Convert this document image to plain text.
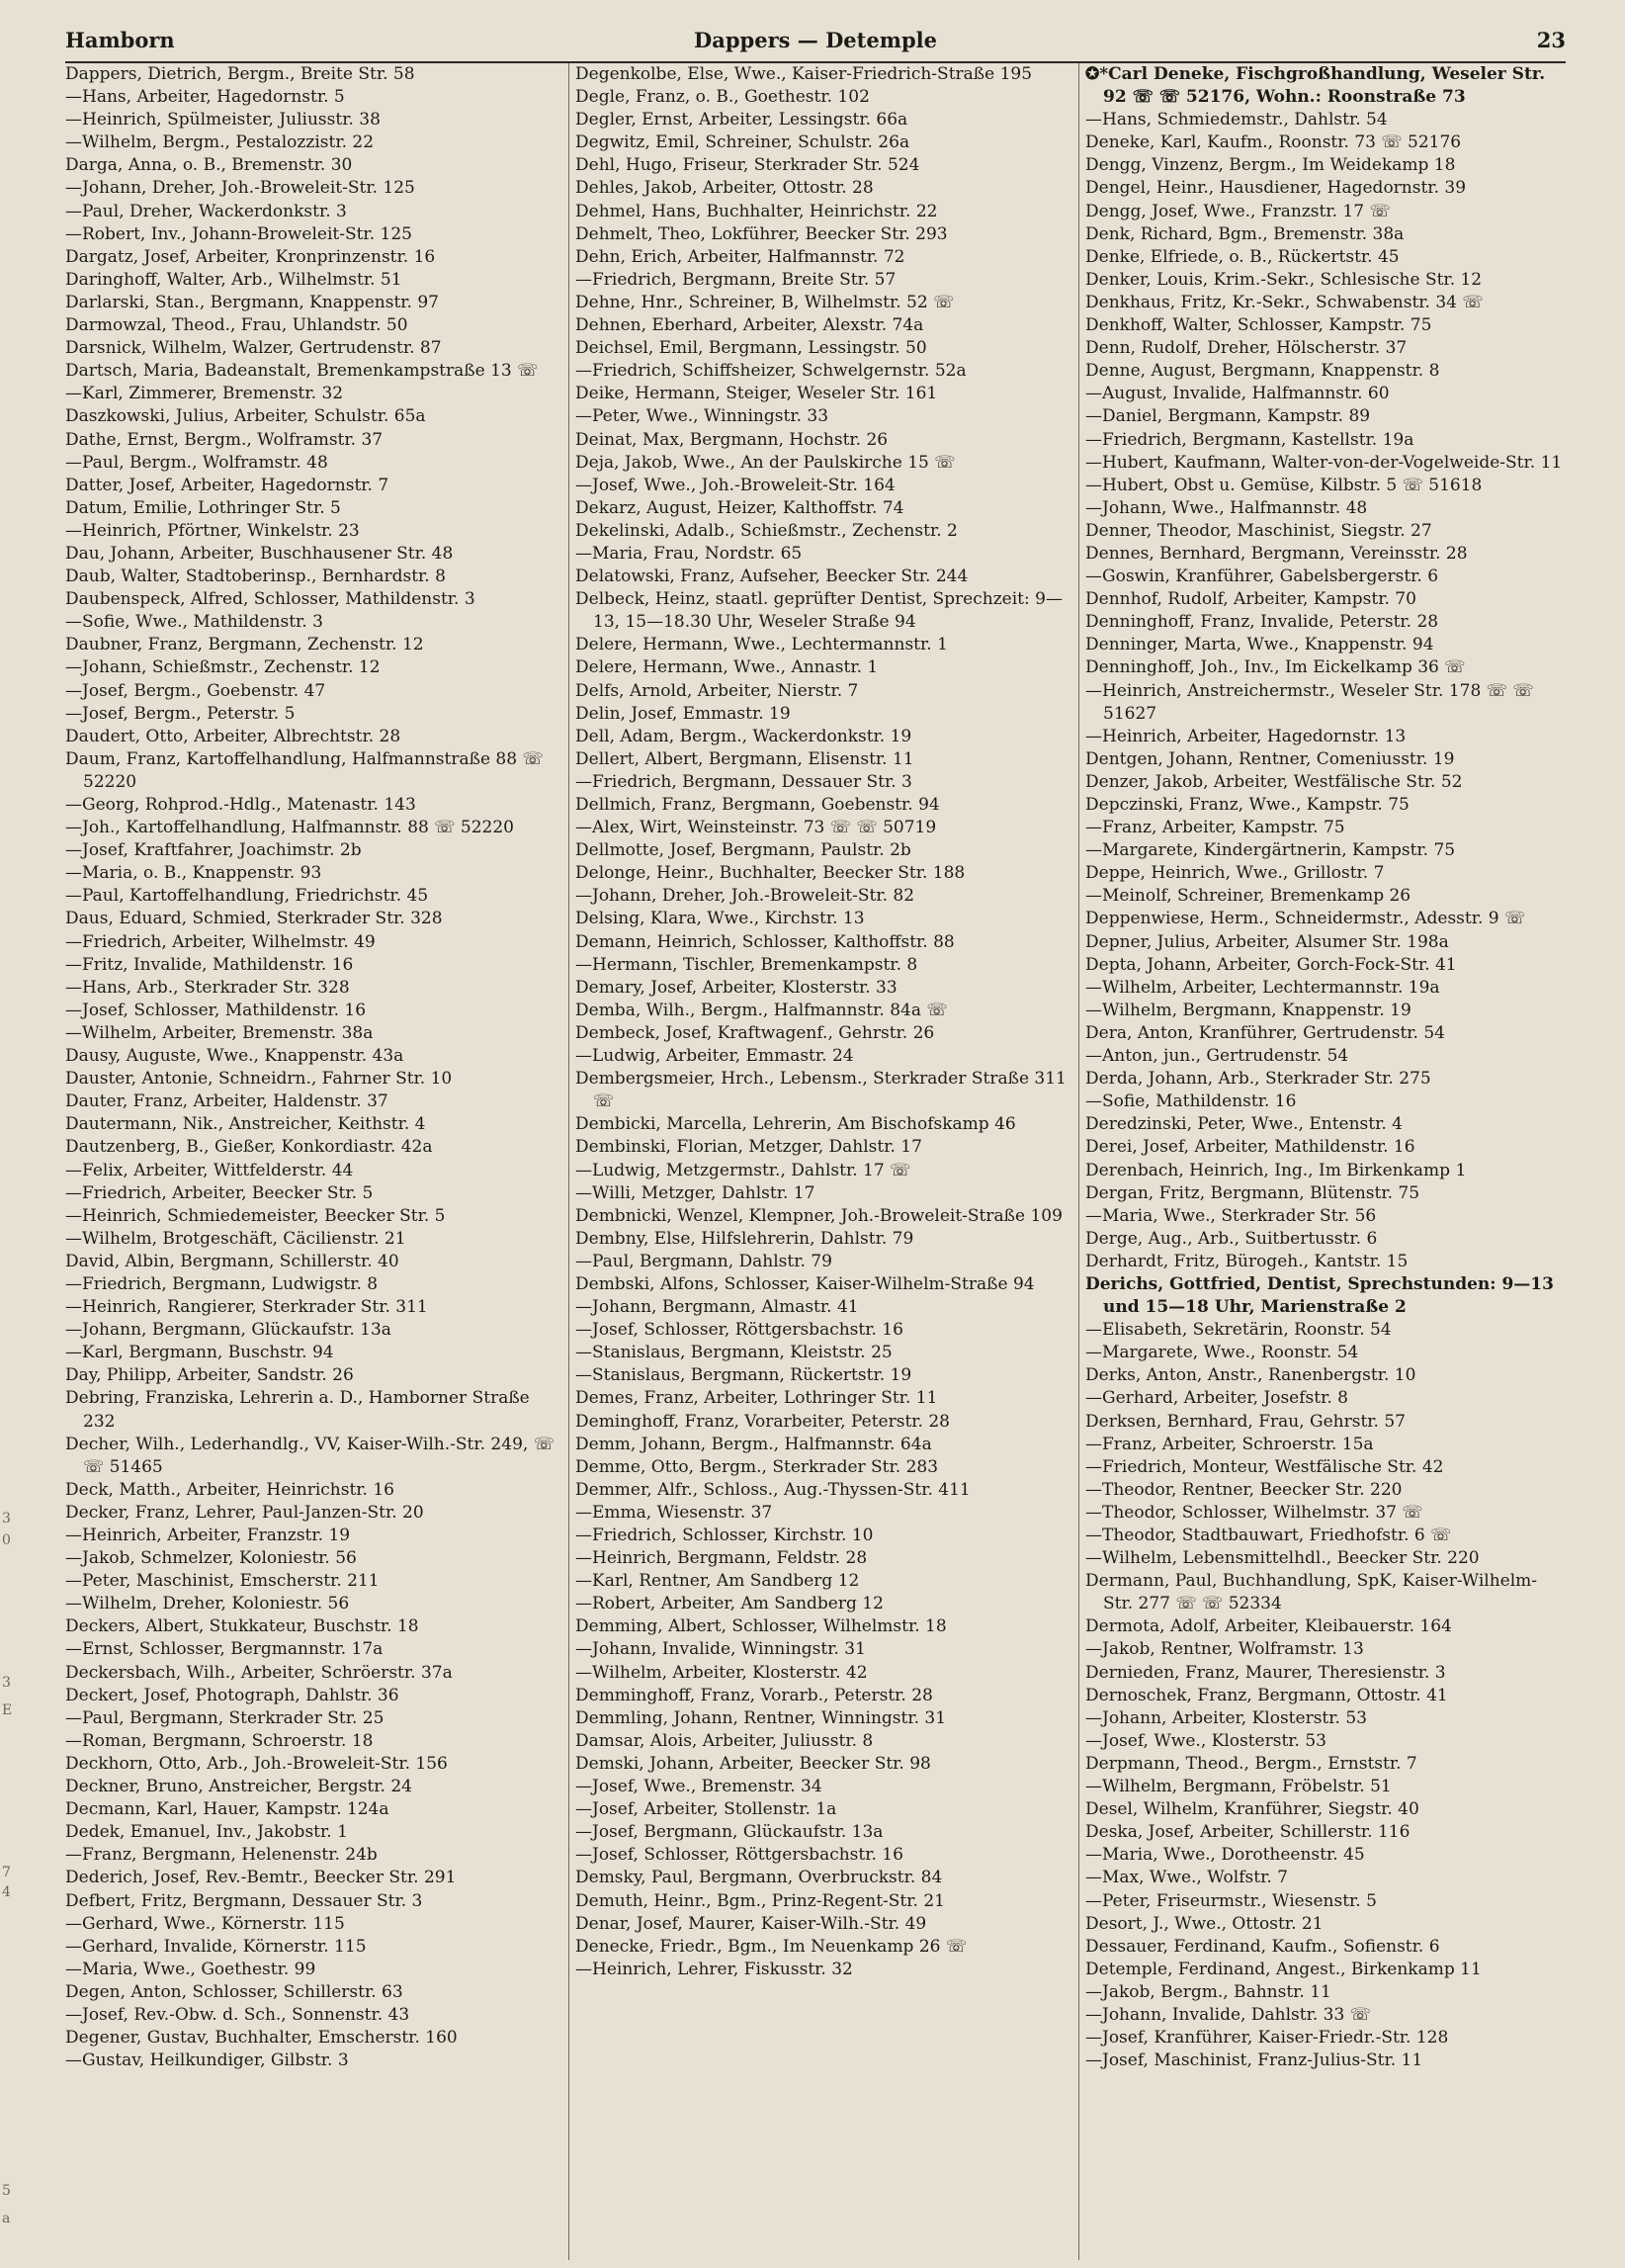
Hamborn	Dappers — Detemple	23
Dappers, Dietrich, Bergm., Breite Str. 58
—Hans, Arbeiter, Hagedornstr. 5
—Heinrich, Spülmeister, Juliusstr. 38
—Wilhelm, Bergm., Pestalozzistr. 22
Darga, Anna, o. B., Bremenstr. 30
—Johann, Dreher, Joh.-Broweleit-Str. 125
—Paul, Dreher, Wackerdonkstr. 3
—Robert, Inv., Johann-Broweleit-Str. 125
Dargatz, Josef, Arbeiter, Kronprinzenstr. 16
Daringhoff, Walter, Arb., Wilhelmstr. 51
Darlarski, Stan., Bergmann, Knappenstr. 97
Darmowzal, Theod., Frau, Uhlandstr. 50
Darsnick, Wilhelm, Walzer, Gertrudenstr. 87
Dartsch, Maria, Badeanstalt, Bremenkampstraße 13 ☏
—Karl, Zimmerer, Bremenstr. 32
Daszkowski, Julius, Arbeiter, Schulstr. 65a
Dathe, Ernst, Bergm., Wolframstr. 37
—Paul, Bergm., Wolframstr. 48
Datter, Josef, Arbeiter, Hagedornstr. 7
Datum, Emilie, Lothringer Str. 5
—Heinrich, Pförtner, Winkelstr. 23
Dau, Johann, Arbeiter, Buschhausener Str. 48
Daub, Walter, Stadtoberinsp., Bernhardstr. 8
Daubenspeck, Alfred, Schlosser, Mathildenstr. 3
—Sofie, Wwe., Mathildenstr. 3
Daubner, Franz, Bergmann, Zechenstr. 12
—Johann, Schießmstr., Zechenstr. 12
—Josef, Bergm., Goebenstr. 47
—Josef, Bergm., Peterstr. 5
Daudert, Otto, Arbeiter, Albrechtstr. 28
Daum, Franz, Kartoffelhandlung, Halfmannstraße 88 ☏ 52220
—Georg, Rohprod.-Hdlg., Matenastr. 143
—Joh., Kartoffelhandlung, Halfmannstr. 88 ☏ 52220
—Josef, Kraftfahrer, Joachimstr. 2b
—Maria, o. B., Knappenstr. 93
—Paul, Kartoffelhandlung, Friedrichstr. 45
Daus, Eduard, Schmied, Sterkrader Str. 328
—Friedrich, Arbeiter, Wilhelmstr. 49
—Fritz, Invalide, Mathildenstr. 16
—Hans, Arb., Sterkrader Str. 328
—Josef, Schlosser, Mathildenstr. 16
—Wilhelm, Arbeiter, Bremenstr. 38a
Dausy, Auguste, Wwe., Knappenstr. 43a
Dauster, Antonie, Schneidrn., Fahrner Str. 10
Dauter, Franz, Arbeiter, Haldenstr. 37
Dautermann, Nik., Anstreicher, Keithstr. 4
Dautzenberg, B., Gießer, Konkordiastr. 42a
—Felix, Arbeiter, Wittfelderstr. 44
—Friedrich, Arbeiter, Beecker Str. 5
—Heinrich, Schmiedemeister, Beecker Str. 5
—Wilhelm, Brotgeschäft, Cäcilienstr. 21
David, Albin, Bergmann, Schillerstr. 40
—Friedrich, Bergmann, Ludwigstr. 8
—Heinrich, Rangierer, Sterkrader Str. 311
—Johann, Bergmann, Glückaufstr. 13a
—Karl, Bergmann, Buschstr. 94
Day, Philipp, Arbeiter, Sandstr. 26
Debring, Franziska, Lehrerin a. D., Hamborner Straße 232
Decher, Wilh., Lederhandlg., VV, Kaiser-Wilh.-Str. 249, ☏ ☏ 51465
Deck, Matth., Arbeiter, Heinrichstr. 16
Decker, Franz, Lehrer, Paul-Janzen-Str. 20
—Heinrich, Arbeiter, Franzstr. 19
—Jakob, Schmelzer, Koloniestr. 56
—Peter, Maschinist, Emscherstr. 211
—Wilhelm, Dreher, Koloniestr. 56
Deckers, Albert, Stukkateur, Buschstr. 18
—Ernst, Schlosser, Bergmannstr. 17a
Deckersbach, Wilh., Arbeiter, Schröerstr. 37a
Deckert, Josef, Photograph, Dahlstr. 36
—Paul, Bergmann, Sterkrader Str. 25
—Roman, Bergmann, Schroerstr. 18
Deckhorn, Otto, Arb., Joh.-Broweleit-Str. 156
Deckner, Bruno, Anstreicher, Bergstr. 24
Decmann, Karl, Hauer, Kampstr. 124a
Dedek, Emanuel, Inv., Jakobstr. 1
—Franz, Bergmann, Helenenstr. 24b
Dederich, Josef, Rev.-Bemtr., Beecker Str. 291
Defbert, Fritz, Bergmann, Dessauer Str. 3
—Gerhard, Wwe., Körnerstr. 115
—Gerhard, Invalide, Körnerstr. 115
—Maria, Wwe., Goethestr. 99
Degen, Anton, Schlosser, Schillerstr. 63
—Josef, Rev.-Obw. d. Sch., Sonnenstr. 43
Degener, Gustav, Buchhalter, Emscherstr. 160
—Gustav, Heilkundiger, Gilbstr. 3
Degenkolbe, Else, Wwe., Kaiser-Friedrich-Straße 195
Degle, Franz, o. B., Goethestr. 102
Degler, Ernst, Arbeiter, Lessingstr. 66a
Degwitz, Emil, Schreiner, Schulstr. 26a
Dehl, Hugo, Friseur, Sterkrader Str. 524
Dehles, Jakob, Arbeiter, Ottostr. 28
Dehmel, Hans, Buchhalter, Heinrichstr. 22
Dehmelt, Theo, Lokführer, Beecker Str. 293
Dehn, Erich, Arbeiter, Halfmannstr. 72
—Friedrich, Bergmann, Breite Str. 57
Dehne, Hnr., Schreiner, B, Wilhelmstr. 52 ☏
Dehnen, Eberhard, Arbeiter, Alexstr. 74a
Deichsel, Emil, Bergmann, Lessingstr. 50
—Friedrich, Schiffsheizer, Schwelgernstr. 52a
Deike, Hermann, Steiger, Weseler Str. 161
—Peter, Wwe., Winningstr. 33
Deinat, Max, Bergmann, Hochstr. 26
Deja, Jakob, Wwe., An der Paulskirche 15 ☏
—Josef, Wwe., Joh.-Broweleit-Str. 164
Dekarz, August, Heizer, Kalthoffstr. 74
Dekelinski, Adalb., Schießmstr., Zechenstr. 2
—Maria, Frau, Nordstr. 65
Delatowski, Franz, Aufseher, Beecker Str. 244
Delbeck, Heinz, staatl. geprüfter Dentist, Sprechzeit: 9—13, 15—18.30 Uhr, Weseler Straße 94
Delere, Hermann, Wwe., Lechtermannstr. 1
Delere, Hermann, Wwe., Annastr. 1
Delfs, Arnold, Arbeiter, Nierstr. 7
Delin, Josef, Emmastr. 19
Dell, Adam, Bergm., Wackerdonkstr. 19
Dellert, Albert, Bergmann, Elisenstr. 11
—Friedrich, Bergmann, Dessauer Str. 3
Dellmich, Franz, Bergmann, Goebenstr. 94
—Alex, Wirt, Weinsteinstr. 73 ☏ ☏ 50719
Dellmotte, Josef, Bergmann, Paulstr. 2b
Delonge, Heinr., Buchhalter, Beecker Str. 188
—Johann, Dreher, Joh.-Broweleit-Str. 82
Delsing, Klara, Wwe., Kirchstr. 13
Demann, Heinrich, Schlosser, Kalthoffstr. 88
—Hermann, Tischler, Bremenkampstr. 8
Demary, Josef, Arbeiter, Klosterstr. 33
Demba, Wilh., Bergm., Halfmannstr. 84a ☏
Dembeck, Josef, Kraftwagenf., Gehrstr. 26
—Ludwig, Arbeiter, Emmastr. 24
Dembergsmeier, Hrch., Lebensm., Sterkrader Straße 311 ☏
Dembicki, Marcella, Lehrerin, Am Bischofskamp 46
Dembinski, Florian, Metzger, Dahlstr. 17
—Ludwig, Metzgermstr., Dahlstr. 17 ☏
—Willi, Metzger, Dahlstr. 17
Dembnicki, Wenzel, Klempner, Joh.-Broweleit-Straße 109
Dembny, Else, Hilfslehrerin, Dahlstr. 79
—Paul, Bergmann, Dahlstr. 79
Dembski, Alfons, Schlosser, Kaiser-Wilhelm-Straße 94
—Johann, Bergmann, Almastr. 41
—Josef, Schlosser, Röttgersbachstr. 16
—Stanislaus, Bergmann, Kleiststr. 25
—Stanislaus, Bergmann, Rückertstr. 19
Demes, Franz, Arbeiter, Lothringer Str. 11
Deminghoff, Franz, Vorarbeiter, Peterstr. 28
Demm, Johann, Bergm., Halfmannstr. 64a
Demme, Otto, Bergm., Sterkrader Str. 283
Demmer, Alfr., Schloss., Aug.-Thyssen-Str. 411
—Emma, Wiesenstr. 37
—Friedrich, Schlosser, Kirchstr. 10
—Heinrich, Bergmann, Feldstr. 28
—Karl, Rentner, Am Sandberg 12
—Robert, Arbeiter, Am Sandberg 12
Demming, Albert, Schlosser, Wilhelmstr. 18
—Johann, Invalide, Winningstr. 31
—Wilhelm, Arbeiter, Klosterstr. 42
Demminghoff, Franz, Vorarb., Peterstr. 28
Demmling, Johann, Rentner, Winningstr. 31
Damsar, Alois, Arbeiter, Juliusstr. 8
Demski, Johann, Arbeiter, Beecker Str. 98
—Josef, Wwe., Bremenstr. 34
—Josef, Arbeiter, Stollenstr. 1a
—Josef, Bergmann, Glückaufstr. 13a
—Josef, Schlosser, Röttgersbachstr. 16
Demsky, Paul, Bergmann, Overbruckstr. 84
Demuth, Heinr., Bgm., Prinz-Regent-Str. 21
Denar, Josef, Maurer, Kaiser-Wilh.-Str. 49
Denecke, Friedr., Bgm., Im Neuenkamp 26 ☏
—Heinrich, Lehrer, Fiskusstr. 32
✪*Carl Deneke, Fischgroßhandlung, Weseler Str. 92 ☏ ☏ 52176, Wohn.: Roonstraße 73
—Hans, Schmiedemstr., Dahlstr. 54
Deneke, Karl, Kaufm., Roonstr. 73 ☏ 52176
Dengg, Vinzenz, Bergm., Im Weidekamp 18
Dengel, Heinr., Hausdiener, Hagedornstr. 39
Dengg, Josef, Wwe., Franzstr. 17 ☏
Denk, Richard, Bgm., Bremenstr. 38a
Denke, Elfriede, o. B., Rückertstr. 45
Denker, Louis, Krim.-Sekr., Schlesische Str. 12
Denkhaus, Fritz, Kr.-Sekr., Schwabenstr. 34 ☏
Denkhoff, Walter, Schlosser, Kampstr. 75
Denn, Rudolf, Dreher, Hölscherstr. 37
Denne, August, Bergmann, Knappenstr. 8
—August, Invalide, Halfmannstr. 60
—Daniel, Bergmann, Kampstr. 89
—Friedrich, Bergmann, Kastellstr. 19a
—Hubert, Kaufmann, Walter-von-der-Vogelweide-Str. 11
—Hubert, Obst u. Gemüse, Kilbstr. 5 ☏ 51618
—Johann, Wwe., Halfmannstr. 48
Denner, Theodor, Maschinist, Siegstr. 27
Dennes, Bernhard, Bergmann, Vereinsstr. 28
—Goswin, Kranführer, Gabelsbergerstr. 6
Dennhof, Rudolf, Arbeiter, Kampstr. 70
Denninghoff, Franz, Invalide, Peterstr. 28
Denninger, Marta, Wwe., Knappenstr. 94
Denninghoff, Joh., Inv., Im Eickelkamp 36 ☏
—Heinrich, Anstreichermstr., Weseler Str. 178 ☏ ☏ 51627
—Heinrich, Arbeiter, Hagedornstr. 13
Dentgen, Johann, Rentner, Comeniusstr. 19
Denzer, Jakob, Arbeiter, Westfälische Str. 52
Depczinski, Franz, Wwe., Kampstr. 75
—Franz, Arbeiter, Kampstr. 75
—Margarete, Kindergärtnerin, Kampstr. 75
Deppe, Heinrich, Wwe., Grillostr. 7
—Meinolf, Schreiner, Bremenkamp 26
Deppenwiese, Herm., Schneidermstr., Adesstr. 9 ☏
Depner, Julius, Arbeiter, Alsumer Str. 198a
Depta, Johann, Arbeiter, Gorch-Fock-Str. 41
—Wilhelm, Arbeiter, Lechtermannstr. 19a
—Wilhelm, Bergmann, Knappenstr. 19
Dera, Anton, Kranführer, Gertrudenstr. 54
—Anton, jun., Gertrudenstr. 54
Derda, Johann, Arb., Sterkrader Str. 275
—Sofie, Mathildenstr. 16
Deredzinski, Peter, Wwe., Entenstr. 4
Derei, Josef, Arbeiter, Mathildenstr. 16
Derenbach, Heinrich, Ing., Im Birkenkamp 1
Dergan, Fritz, Bergmann, Blütenstr. 75
—Maria, Wwe., Sterkrader Str. 56
Derge, Aug., Arb., Suitbertusstr. 6
Derhardt, Fritz, Bürogeh., Kantstr. 15
Derichs, Gottfried, Dentist, Sprechstunden: 9—13 und 15—18 Uhr, Marienstraße 2
—Elisabeth, Sekretärin, Roonstr. 54
—Margarete, Wwe., Roonstr. 54
Derks, Anton, Anstr., Ranenbergstr. 10
—Gerhard, Arbeiter, Josefstr. 8
Derksen, Bernhard, Frau, Gehrstr. 57
—Franz, Arbeiter, Schroerstr. 15a
—Friedrich, Monteur, Westfälische Str. 42
—Theodor, Rentner, Beecker Str. 220
—Theodor, Schlosser, Wilhelmstr. 37 ☏
—Theodor, Stadtbauwart, Friedhofstr. 6 ☏
—Wilhelm, Lebensmittelhdl., Beecker Str. 220
Dermann, Paul, Buchhandlung, SpK, Kaiser-Wilhelm-Str. 277 ☏ ☏ 52334
Dermota, Adolf, Arbeiter, Kleibauerstr. 164
—Jakob, Rentner, Wolframstr. 13
Dernieden, Franz, Maurer, Theresienstr. 3
Dernoschek, Franz, Bergmann, Ottostr. 41
—Johann, Arbeiter, Klosterstr. 53
—Josef, Wwe., Klosterstr. 53
Derpmann, Theod., Bergm., Ernststr. 7
—Wilhelm, Bergmann, Fröbelstr. 51
Desel, Wilhelm, Kranführer, Siegstr. 40
Deska, Josef, Arbeiter, Schillerstr. 116
—Maria, Wwe., Dorotheenstr. 45
—Max, Wwe., Wolfstr. 7
—Peter, Friseurmstr., Wiesenstr. 5
Desort, J., Wwe., Ottostr. 21
Dessauer, Ferdinand, Kaufm., Sofienstr. 6
Detemple, Ferdinand, Angest., Birkenkamp 11
—Jakob, Bergm., Bahnstr. 11
—Johann, Invalide, Dahlstr. 33 ☏
—Josef, Kranführer, Kaiser-Friedr.-Str. 128
—Josef, Maschinist, Franz-Julius-Str. 11
3
0
3
E
7
4
5
a
